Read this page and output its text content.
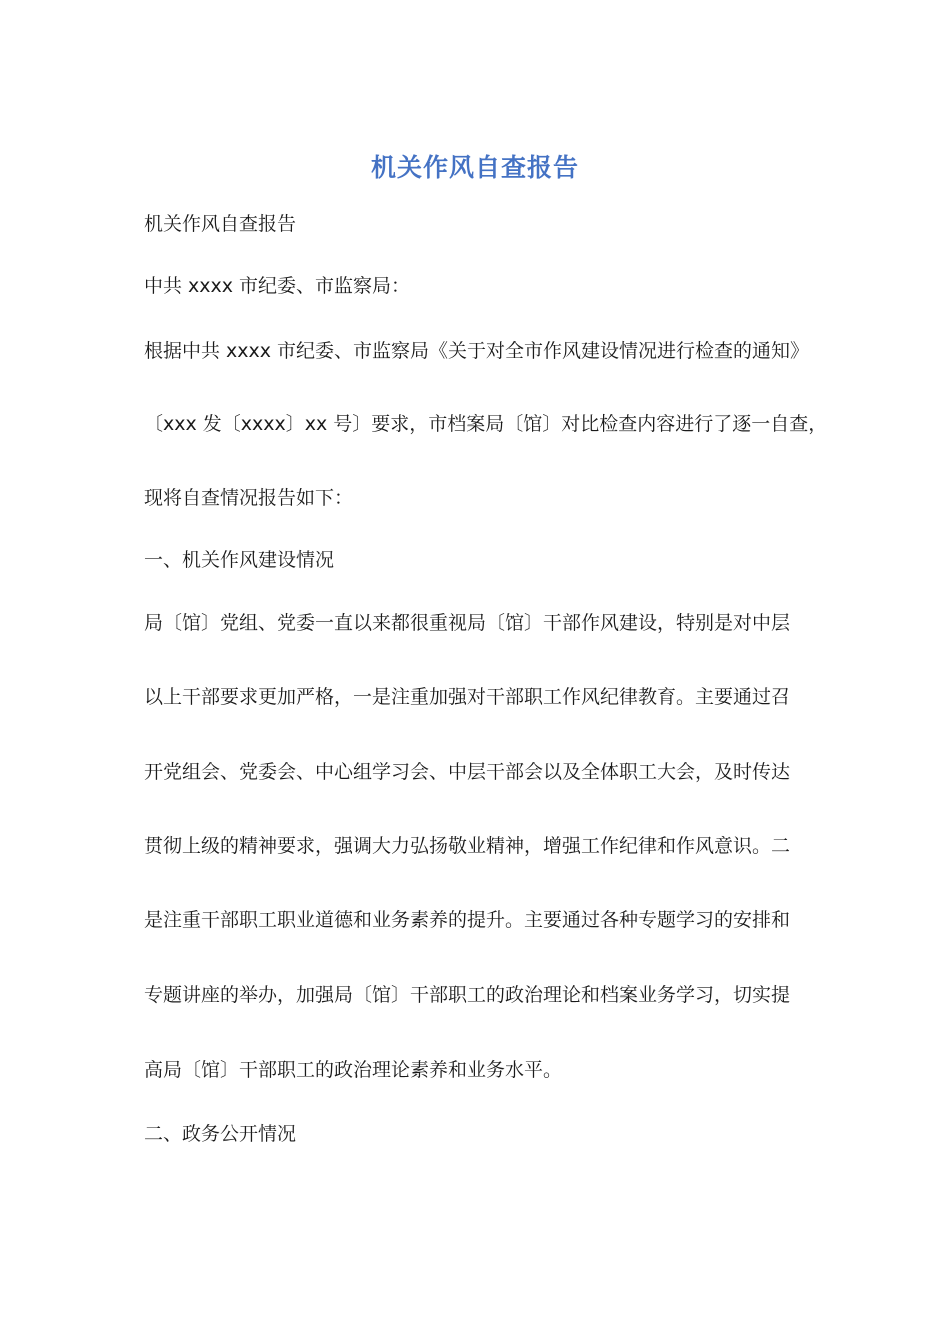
机关作风自查报告
机关作风自查报告
中共 xxxx 市纪委、市监察局：
根据中共 xxxx 市纪委、市监察局《关于对全市作风建设情况进行检查的通知》
〔xxx 发〔xxxx〕xx 号〕要求，市档案局〔馆〕对比检查内容进行了逐一自查，
现将自查情况报告如下：
一、机关作风建设情况
局〔馆〕党组、党委一直以来都很重视局〔馆〕干部作风建设，特别是对中层
以上干部要求更加严格，一是注重加强对干部职工作风纪律教育。主要通过召
开党组会、党委会、中心组学习会、中层干部会以及全体职工大会，及时传达
贯彻上级的精神要求，强调大力弘扬敬业精神，增强工作纪律和作风意识。二
是注重干部职工职业道德和业务素养的提升。主要通过各种专题学习的安排和
专题讲座的举办，加强局〔馆〕干部职工的政治理论和档案业务学习，切实提
高局〔馆〕干部职工的政治理论素养和业务水平。
二、政务公开情况
